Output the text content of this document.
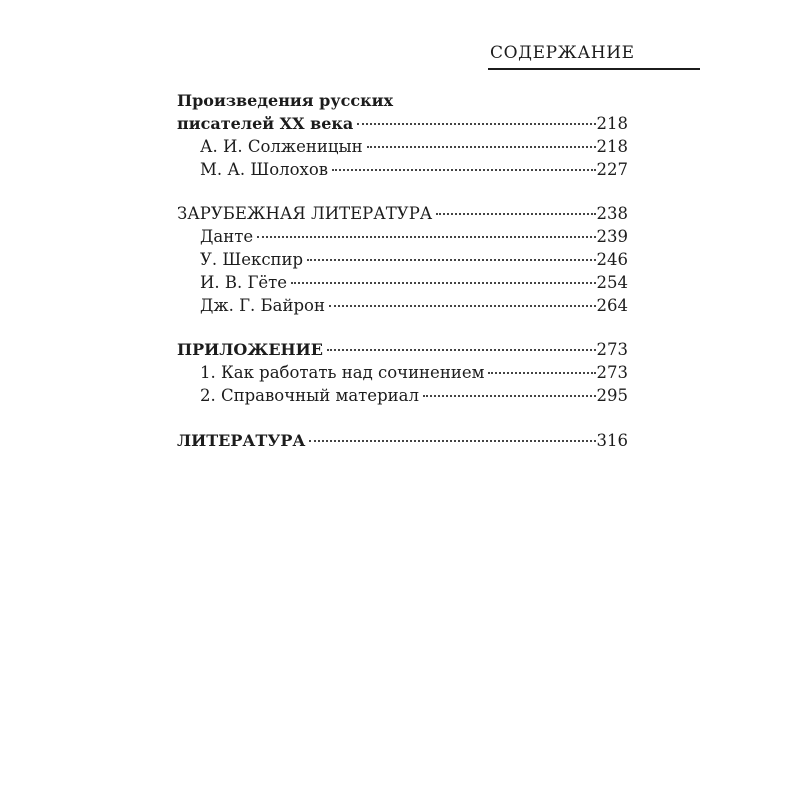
СОДЕРЖАНИЕ
Произведения русских
писателей XX века	218
А. И. Солженицын	218
М. А. Шолохов	227
ЗАРУБЕЖНАЯ ЛИТЕРАТУРА	238
Данте	239
У. Шекспир	246
И. В. Гёте	254
Дж. Г. Байрон	264
ПРИЛОЖЕНИЕ	273
1. Как работать над сочинением	273
2. Справочный материал	295
ЛИТЕРАТУРА	316
